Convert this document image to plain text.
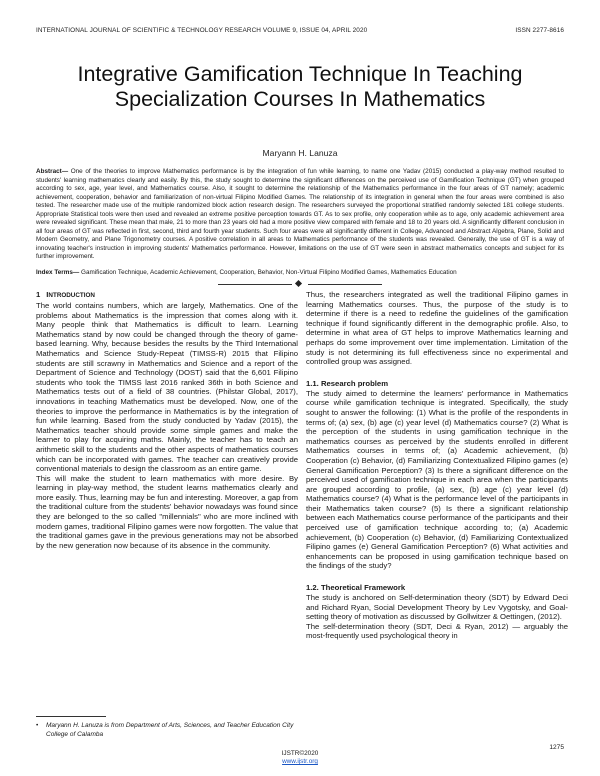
INTERNATIONAL JOURNAL OF SCIENTIFIC & TECHNOLOGY RESEARCH VOLUME 9, ISSUE 04, APRIL 2020	ISSN 2277-8616
Integrative Gamification Technique In Teaching
Specialization Courses In Mathematics
Maryann H. Lanuza
Abstract— One of the theories to improve Mathematics performance is by the integration of fun while learning, to name one Yadav (2015) conducted a play-way method resulted to students' learning mathematics clearly and easily. By this, the study sought to determine the significant differences on the perceived use of Gamification Technique (GT) when grouped according to sex, age, year level, and Mathematics course. Also, it sought to determine the relationship of the Mathematics performance in the four areas of GT namely; academic achievement, cooperation, behavior and familiarization of non-virtual Filipino Modified Games. The relationship of its integration in general when the four areas were combined is also tested. The researcher made use of the multiple randomized block action research design. The researchers surveyed the proportional stratified randomly selected 181 college students. Appropriate Statistical tools were then used and revealed an extreme positive perception towards GT. As to sex profile, only cooperation while as to age, only academic achievement area were revealed significant. These mean that male, 21 to more than 23 years old had a more positive view compared with female and 18 to 20 years old. A significantly different conclusion in all four areas of GT was reflected in first, second, third and fourth year students. Such four areas were all significantly different in College, Advanced and Abstract Algebra, Plane, Solid and Modern Geometry, and Plane Trigonometry courses. A positive correlation in all areas to Mathematics performance of the students was revealed. Generally, the use of GT is a way of innovating teacher's instruction in improving students' Mathematics performance. However, limitations on the use of GT were seen in abstract mathematics concepts and subject for its further improvement.
Index Terms— Gamification Technique, Academic Achievement, Cooperation, Behavior, Non-Virtual Filipino Modified Games, Mathematics Education
1 INTRODUCTION

The world contains numbers, which are largely, Mathematics. One of the problems about Mathematics is the impression that comes along with it. Many people think that Mathematics is difficult to learn. Learning Mathematics stand by now could be changed through the theory of game-based learning. Why, because besides the results by the Third International Mathematics and Science Study-Repeat (TIMSS-R) 2015 that Filipino students are still scrawny in Mathematics and Science and a report of the Department of Science and Technology (DOST) said that the 6,601 Filipino students who took the TIMSS last 2016 ranked 36th in both Science and Mathematics tests out of a field of 38 countries. (Philstar Global, 2017), innovations in teaching Mathematics must be developed. Now, one of the theories to improve the performance in Mathematics is by the integration of fun while learning. Based from the study conducted by Yadav (2015), the Mathematics teacher should provide some simple games and make the learner to play for acquiring maths. Mainly, the teacher has to teach an arithmetic skill to the students and the other aspects of mathematics courses which can be incorporated with games. The teacher can creatively provide conventional materials to design the classroom as an entire game.

This will make the student to learn mathematics with more desire. By learning in play-way method, the student learns mathematics clearly and more easily. Thus, learning may be fun and interesting. Moreover, a gap from the traditional culture from the students' behavior nowadays was found since they are belonged to the so called "millennials" who are more inclined with modern games, traditional Filipino games were now forgotten. The value that the traditional games gave in the previous generations may not be absorbed by the new generation now because of its absence in the community.

Thus, the researchers integrated as well the traditional Filipino games in learning Mathematics courses. Thus, the purpose of the study is to determine if there is a need to redefine the guidelines of the gamification technique if found significantly different in the demographic profile. Also, to determine in what area of GT helps to improve Mathematics learning and perhaps do some improvement over time implementation. Limitation of the study is not determining its full effectiveness since no experimental and controlled group was assigned.

1.1. Research problem

The study aimed to determine the learners' performance in Mathematics course while gamification technique is integrated. Specifically, the study sought to answer the following: (1) What is the profile of the respondents in terms of; (a) sex, (b) age (c) year level (d) Mathematics course? (2) What is the perception of the students in using gamification technique in the mathematics courses as perceived by the students enrolled in different Mathematics courses in terms of; (a) Academic achievement, (b) Cooperation (c) Behavior, (d) Familiarizing Contextualized Filipino games (e) General Gamification Perception? (3) Is there a significant difference on the perceived used of gamification technique in each area when the participants are grouped according to profile, (a) sex, (b) age (c) year level (d) Mathematics course? (4) What is the performance level of the participants in their Mathematics taken course? (5) Is there a significant relationship between each Mathematics course performance of the participants and their perceived use of gamification technique according to; (a) Academic achievement, (b) Cooperation (c) Behavior, (d) Familiarizing Contextualized Filipino games (e) General Gamification Perception? (6) What activities and enhancements can be proposed in using gamification technique based on the findings of the study?

1.2. Theoretical Framework

The study is anchored on Self-determination theory (SDT) by Edward Deci and Richard Ryan, Social Development Theory by Lev Vygotsky, and Goal-setting theory of motivation as discussed by Gollwitzer & Oettingen, (2012).

The self-determination theory (SDT, Deci & Ryan, 2012) — arguably the most-frequently used psychological theory in

•	Maryann H. Lanuza is from Department of Arts, Sciences, and Teacher Education City College of Calamba
1275
IJSTR©2020
www.ijstr.org
